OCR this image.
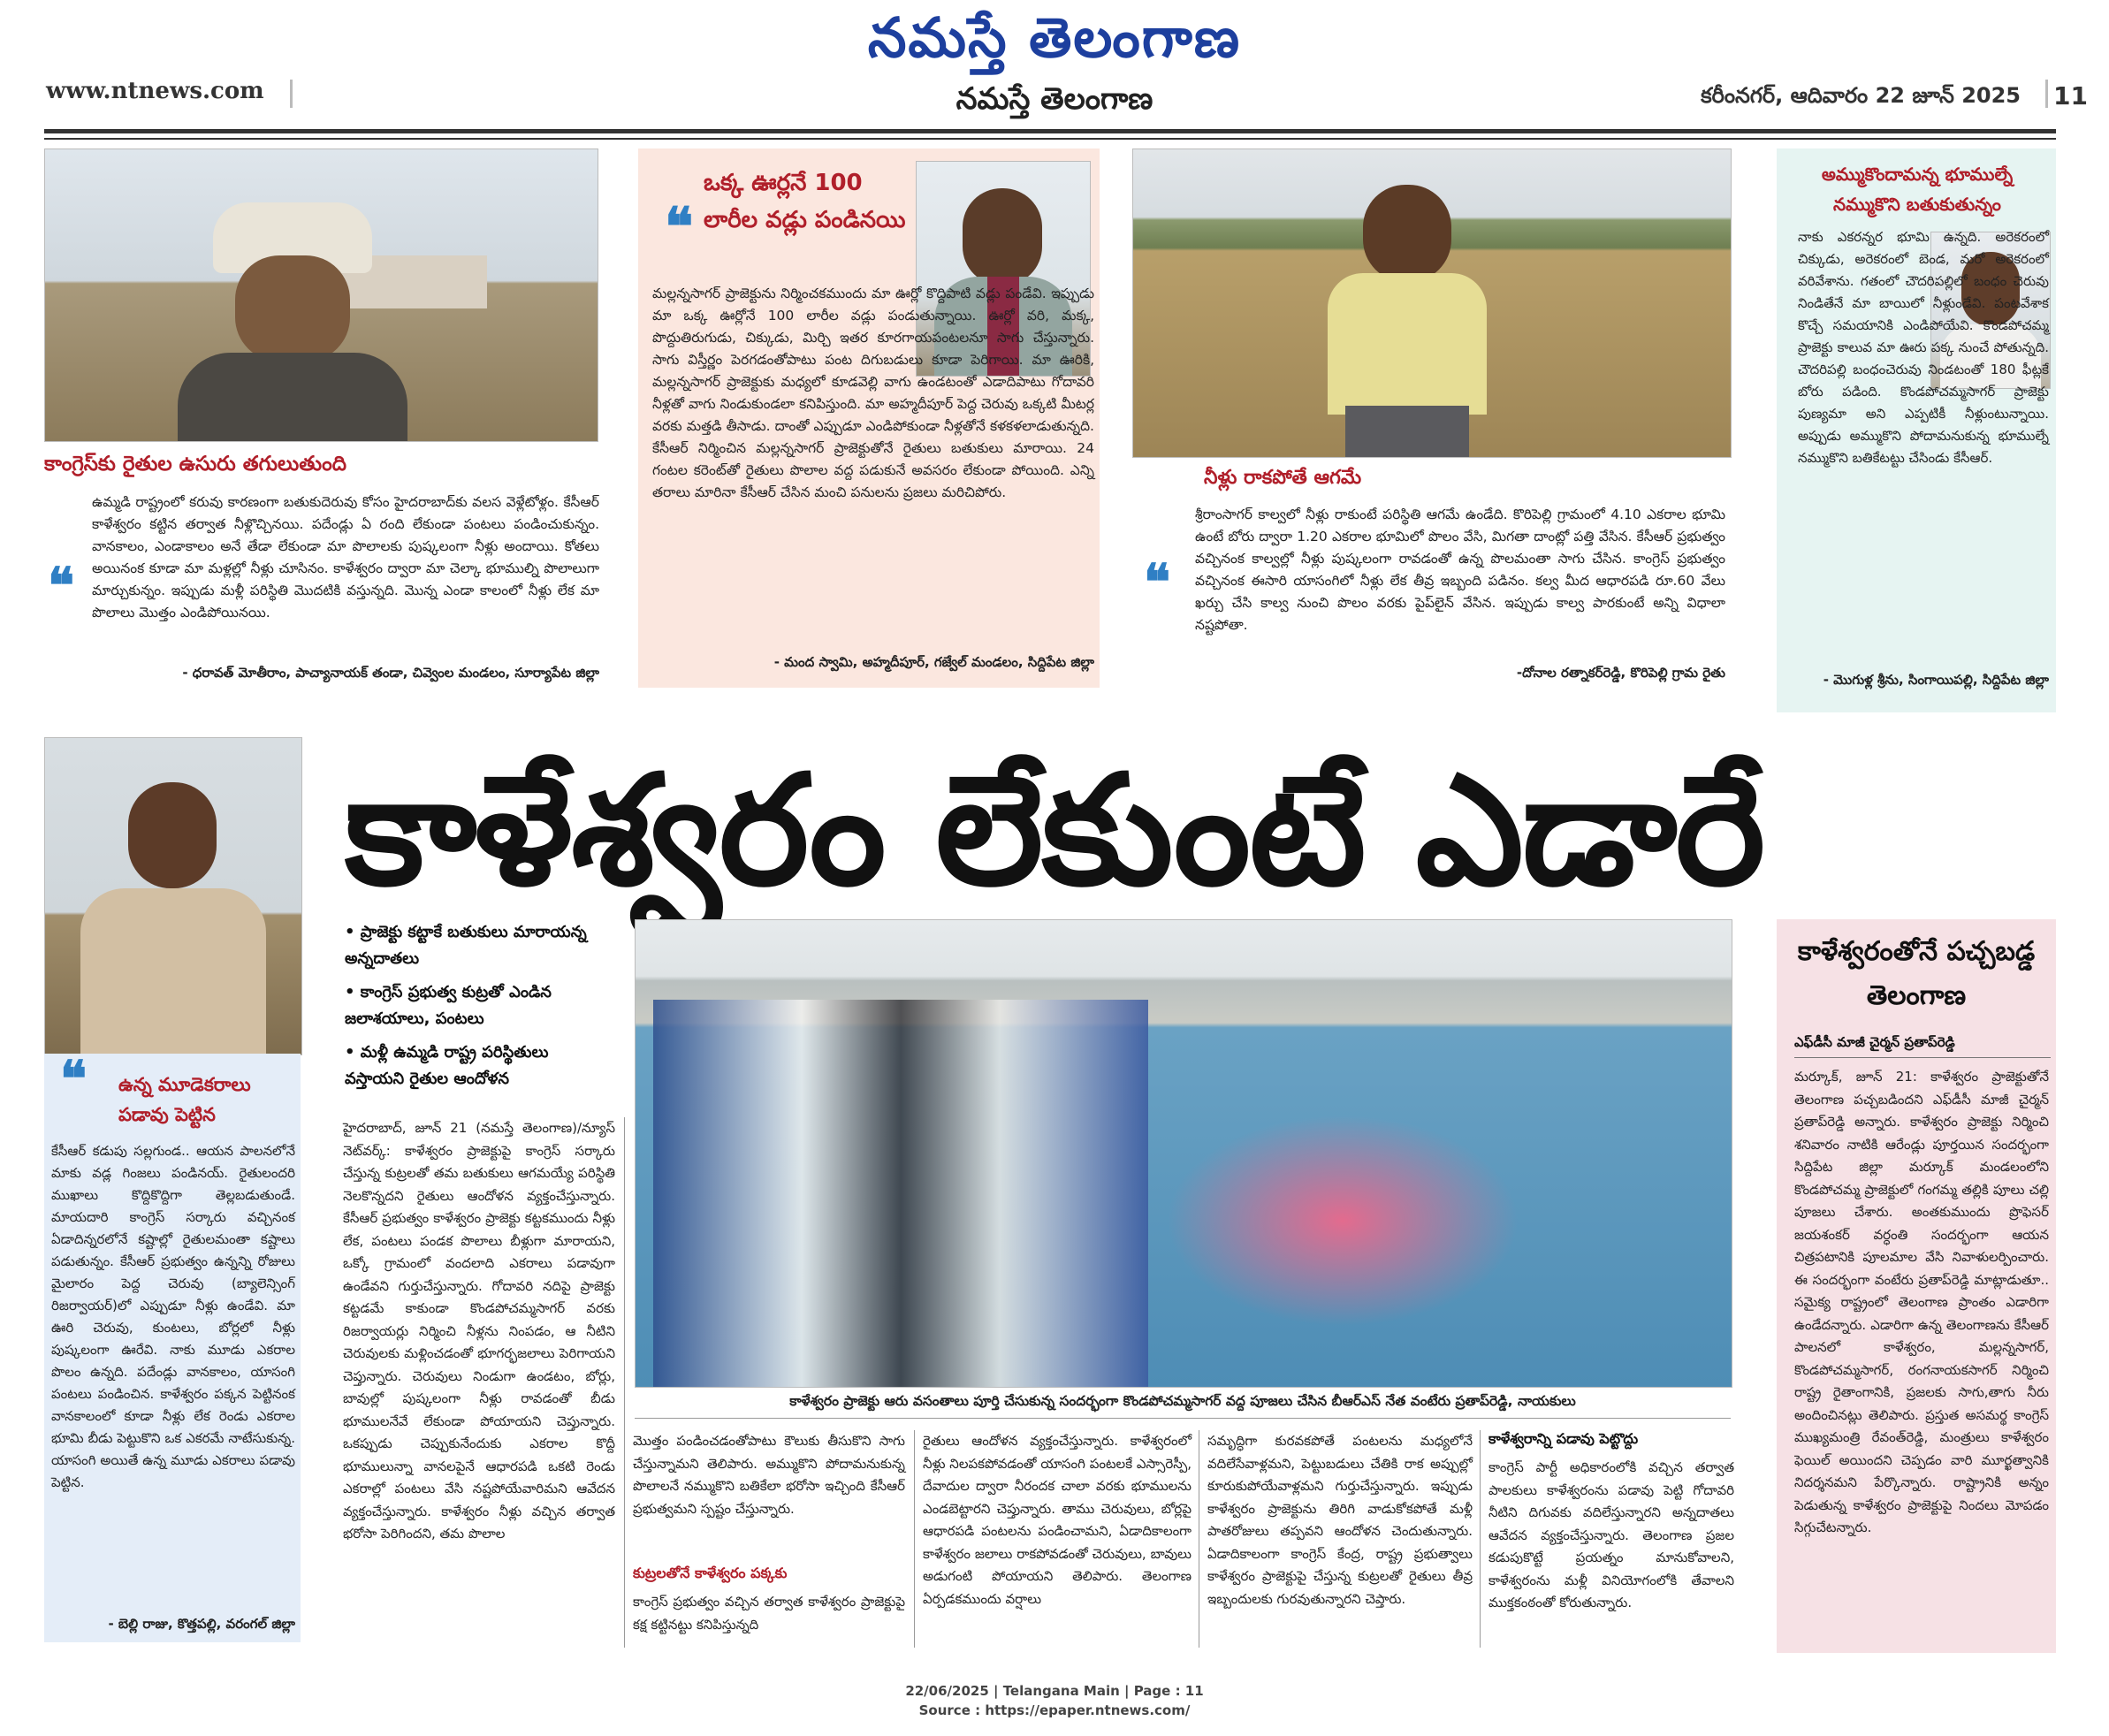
నమస్తే తెలంగాణ
www.ntnews.com	నమస్తే తెలంగాణ	కరీంనగర్, ఆదివారం 22 జూన్ 2025 11
కాంగ్రెస్‌కు రైతుల ఉసురు తగులుతుంది
❝
ఉమ్మడి రాష్ట్రంలో కరువు కారణంగా బతుకుదెరువు కోసం హైదరాబాద్‌కు వలస వెళ్లేటోళ్లం. కేసీఆర్ కాళేశ్వరం కట్టిన తర్వాత నీళ్లొచ్చినయి. పదేండ్లు ఏ రంది లేకుండా పంటలు పండించుకున్నం. వానకాలం, ఎండాకాలం అనే తేడా లేకుండా మా పొలాలకు పుష్కలంగా నీళ్లు అందాయి. కోతలు అయినంక కూడా మా మళ్లల్లో నీళ్లు చూసినం. కాళేశ్వరం ద్వారా మా చెల్కా భూముల్ని పొలాలుగా మార్చుకున్నం. ఇప్పుడు మళ్లీ పరిస్థితి మొదటికి వస్తున్నది. మొన్న ఎండా కాలంలో నీళ్లు లేక మా పొలాలు మొత్తం ఎండిపోయినయి.
- ధరావత్ మోతీరాం, పాచ్యానాయక్ తండా, చివ్వెంల మండలం, సూర్యాపేట జిల్లా
❝
ఒక్క ఊర్లనే 100 లారీల వడ్లు పండినయి
మల్లన్నసాగర్ ప్రాజెక్టును నిర్మించకముందు మా ఊర్లో కొద్దిపాటి వడ్లు పండేవి. ఇప్పుడు మా ఒక్క ఊర్లోనే 100 లారీల వడ్లు పండుతున్నాయి. ఊర్లో వరి, మక్క, పొద్దుతిరుగుడు, చిక్కుడు, మిర్చి ఇతర కూరగాయపంటలనూ సాగు చేస్తున్నారు. సాగు విస్తీర్ణం పెరగడంతోపాటు పంట దిగుబడులు కూడా పెరిగాయి. మా ఊరికి, మల్లన్నసాగర్ ప్రాజెక్టుకు మధ్యలో కూడవెల్లి వాగు ఉండటంతో ఎడాదిపాటు గోదావరి నీళ్లతో వాగు నిండుకుండలా కనిపిస్తుంది. మా అహ్మదీపూర్ పెద్ద చెరువు ఒక్కటి మీటర్ల వరకు మత్తడి తీసాడు. దాంతో ఎప్పుడూ ఎండిపోకుండా నీళ్లతోనే కళకళలాడుతున్నది. కేసీఆర్ నిర్మించిన మల్లన్నసాగర్ ప్రాజెక్టుతోనే రైతులు బతుకులు మారాయి. 24 గంటల కరెంట్‌తో రైతులు పొలాల వద్ద పడుకునే అవసరం లేకుండా పోయింది. ఎన్ని తరాలు మారినా కేసీఆర్ చేసిన మంచి పనులను ప్రజలు మరిచిపోరు.
- మంద స్వామి, అహ్మదీపూర్, గజ్వేల్ మండలం, సిద్దిపేట జిల్లా
నీళ్లు రాకపోతే ఆగమే
❝
శ్రీరాంసాగర్ కాల్వలో నీళ్లు రాకుంటే పరిస్థితి ఆగమే ఉండేది. కొరిపెల్లి గ్రామంలో 4.10 ఎకరాల భూమి ఉంటే బోరు ద్వారా 1.20 ఎకరాల భూమిలో పొలం వేసి, మిగతా దాంట్లో పత్తి వేసిన. కేసీఆర్ ప్రభుత్వం వచ్చినంక కాల్వల్లో నీళ్లు పుష్కలంగా రావడంతో ఉన్న పొలమంతా సాగు చేసిన. కాంగ్రెస్ ప్రభుత్వం వచ్చినంక ఈసారి యాసంగిలో నీళ్లు లేక తీవ్ర ఇబ్బంది పడినం. కల్వ మీద ఆధారపడి రూ.60 వేలు ఖర్చు చేసి కాల్వ నుంచి పొలం వరకు పైప్‌లైన్ వేసిన. ఇప్పుడు కాల్వ పారకుంటే అన్ని విధాలా నష్టపోతా.
-దోనాల రత్నాకర్‌రెడ్డి, కొరిపెల్లి గ్రామ రైతు
అమ్ముకొందామన్న భూముల్నే నమ్ముకొని బతుకుతున్నం
నాకు ఎకరన్నర భూమి ఉన్నది. అరెకరంలో చిక్కుడు, అరెకరంలో బెండ, మరో అరెకరంలో వరివేశాను. గతంలో చౌదరిపల్లిలో బంధం చెరువు నిండితేనే మా బాయిలో నీళ్లుండేవి. పంటవేశాక కొచ్చే సమయానికి ఎండిపోయేవి. కొండపోచమ్మ ప్రాజెక్టు కాలువ మా ఊరు పక్క నుంచే పోతున్నది. చౌదరిపల్లి బంధంచెరువు నిండటంతో 180 ఫీట్లకే బోరు పడింది. కొండపోచమ్మసాగర్ ప్రాజెక్టు పుణ్యమా అని ఎప్పటికీ నీళ్లుంటున్నాయి. అప్పుడు అమ్ముకొని పోదామనుకున్న భూముల్నే నమ్ముకొని బతికేటట్టు చేసిండు కేసీఆర్.
- మొగుళ్ల శ్రీను, సింగాయిపల్లి, సిద్దిపేట జిల్లా
❝ ఉన్న మూడెకరాలు పడావు పెట్టిన
కేసీఆర్ కడుపు సల్లగుండ.. ఆయన పాలనలోనే మాకు వడ్ల గింజలు పండినయ్. రైతులందరి ముఖాలు కొద్దికొద్దిగా తెల్లబడుతుండే. మాయదారి కాంగ్రెస్ సర్కారు వచ్చినంక ఏడాదిన్నరలోనే కష్టాల్లో రైతులమంతా కష్టాలు పడుతున్నం. కేసీఆర్ ప్రభుత్వం ఉన్నన్ని రోజులు మైలారం పెద్ద చెరువు (బ్యాలెన్సింగ్ రిజర్వాయర్)లో ఎప్పుడూ నీళ్లు ఉండేవి. మా ఊరి చెరువు, కుంటలు, బోర్లలో నీళ్లు పుష్కలంగా ఊరేవి. నాకు మూడు ఎకరాల పొలం ఉన్నది. పదేండ్లు వానకాలం, యాసంగి పంటలు పండించిన. కాళేశ్వరం పక్కన పెట్టినంక వానకాలంలో కూడా నీళ్లు లేక రెండు ఎకరాల భూమి బీడు పెట్టుకొని ఒక ఎకరమే నాటేసుకున్న. యాసంగి అయితే ఉన్న మూడు ఎకరాలు పడావు పెట్టిన.
- బెల్లి రాజు, కొత్తపల్లి, వరంగల్ జిల్లా
కాళేశ్వరం లేకుంటే ఎడారే
• ప్రాజెక్టు కట్టాకే బతుకులు మారాయన్న అన్నదాతలు
• కాంగ్రెస్ ప్రభుత్వ కుట్రతో ఎండిన జలాశయాలు, పంటలు
• మళ్లీ ఉమ్మడి రాష్ట్ర పరిస్థితులు వస్తాయని రైతుల ఆందోళన
కాళేశ్వరం ప్రాజెక్టు ఆరు వసంతాలు పూర్తి చేసుకున్న సందర్భంగా కొండపోచమ్మసాగర్ వద్ద పూజలు చేసిన బీఆర్‌ఎస్ నేత వంటేరు ప్రతాప్‌రెడ్డి, నాయకులు
హైదరాబాద్, జూన్ 21 (నమస్తే తెలంగాణ)/న్యూస్ నెట్‌వర్క్: కాళేశ్వరం ప్రాజెక్టుపై కాంగ్రెస్ సర్కారు చేస్తున్న కుట్రలతో తమ బతుకులు ఆగమయ్యే పరిస్థితి నెలకొన్నదని రైతులు ఆందోళన వ్యక్తంచేస్తున్నారు. కేసీఆర్ ప్రభుత్వం కాళేశ్వరం ప్రాజెక్టు కట్టకముందు నీళ్లు లేక, పంటలు పండక పొలాలు బీళ్లుగా మారాయని, ఒక్కో గ్రామంలో వందలాది ఎకరాలు పడావుగా ఉండేవని గుర్తుచేస్తున్నారు. గోదావరి నదిపై ప్రాజెక్టు కట్టడమే కాకుండా కొండపోచమ్మసాగర్ వరకు రిజర్వాయర్లు నిర్మించి నీళ్లను నింపడం, ఆ నీటిని చెరువులకు మళ్లించడంతో భూగర్భజలాలు పెరిగాయని చెప్తున్నారు. చెరువులు నిండుగా ఉండటం, బోర్లు, బావుల్లో పుష్కలంగా నీళ్లు రావడంతో బీడు భూములనేవే లేకుండా పోయాయని చెప్తున్నారు. ఒకప్పుడు చెప్పుకునేందుకు ఎకరాల కొద్దీ భూములున్నా వానలపైనే ఆధారపడి ఒకటి రెండు ఎకరాల్లో పంటలు వేసి నష్టపోయేవారిమని ఆవేదన వ్యక్తంచేస్తున్నారు. కాళేశ్వరం నీళ్లు వచ్చిన తర్వాత భరోసా పెరిగిందని, తమ పొలాల
మొత్తం పండించడంతోపాటు కౌలుకు తీసుకొని సాగు చేస్తున్నామని తెలిపారు. అమ్ముకొని పోదామనుకున్న పొలాలనే నమ్ముకొని బతికేలా భరోసా ఇచ్చింది కేసీఆర్ ప్రభుత్వమని స్పష్టం చేస్తున్నారు.
కుట్రలతోనే కాళేశ్వరం పక్కకు
కాంగ్రెస్ ప్రభుత్వం వచ్చిన తర్వాత కాళేశ్వరం ప్రాజెక్టుపై కక్ష కట్టినట్టు కనిపిస్తున్నది
రైతులు ఆందోళన వ్యక్తంచేస్తున్నారు. కాళేశ్వరంలో నీళ్లు నిలపకపోవడంతో యాసంగి పంటలకే ఎస్సారెస్పీ, దేవాదుల ద్వారా నీరందక చాలా వరకు భూములను ఎండబెట్టారని చెప్తున్నారు. తాము చెరువులు, బోర్లపై ఆధారపడి పంటలను పండించామని, ఏడాదికాలంగా కాళేశ్వరం జలాలు రాకపోవడంతో చెరువులు, బావులు అడుగంటి పోయాయని తెలిపారు. తెలంగాణ ఏర్పడకముందు వర్షాలు
సమృద్ధిగా కురవకపోతే పంటలను మధ్యలోనే వదిలేసేవాళ్లమని, పెట్టుబడులు చేతికి రాక అప్పుల్లో కూరుకుపోయేవాళ్లమని గుర్తుచేస్తున్నారు. ఇప్పుడు కాళేశ్వరం ప్రాజెక్టును తిరిగి వాడుకోకపోతే మళ్లీ పాతరోజులు తప్పవని ఆందోళన చెందుతున్నారు. ఏడాదికాలంగా కాంగ్రెస్ కేంద్ర, రాష్ట్ర ప్రభుత్వాలు కాళేశ్వరం ప్రాజెక్టుపై చేస్తున్న కుట్రలతో రైతులు తీవ్ర ఇబ్బందులకు గురవుతున్నారని చెప్తారు.
కాళేశ్వరాన్ని పడావు పెట్టొద్దు
కాంగ్రెస్ పార్టీ అధికారంలోకి వచ్చిన తర్వాత పాలకులు కాళేశ్వరంను పడావు పెట్టి గోదావరి నీటిని దిగువకు వదిలేస్తున్నారని అన్నదాతలు ఆవేదన వ్యక్తంచేస్తున్నారు. తెలంగాణ ప్రజల కడుపుకొట్టే ప్రయత్నం మానుకోవాలని, కాళేశ్వరంను మళ్లీ వినియోగంలోకి తేవాలని ముక్తకంఠంతో కోరుతున్నారు.
కాళేశ్వరంతోనే పచ్చబడ్డ తెలంగాణ
ఎఫ్‌డీసీ మాజీ చైర్మన్ ప్రతాప్‌రెడ్డి
మర్కూక్, జూన్ 21: కాళేశ్వరం ప్రాజెక్టుతోనే తెలంగాణ పచ్చబడిందని ఎఫ్‌డీసీ మాజీ చైర్మన్ ప్రతాప్‌రెడ్డి అన్నారు. కాళేశ్వరం ప్రాజెక్టు నిర్మించి శనివారం నాటికి ఆరేండ్లు పూర్తయిన సందర్భంగా సిద్దిపేట జిల్లా మర్కూక్ మండలంలోని కొండపోచమ్మ ప్రాజెక్టులో గంగమ్మ తల్లికి పూలు చల్లి పూజలు చేశారు. అంతకుముందు ప్రొఫెసర్ జయశంకర్ వర్ధంతి సందర్భంగా ఆయన చిత్రపటానికి పూలమాల వేసి నివాళులర్పించారు. ఈ సందర్భంగా వంటేరు ప్రతాప్‌రెడ్డి మాట్లాడుతూ.. సమైక్య రాష్ట్రంలో తెలంగాణ ప్రాంతం ఎడారిగా ఉండేదన్నారు. ఎడారిగా ఉన్న తెలంగాణను కేసీఆర్ పాలనలో కాళేశ్వరం, మల్లన్నసాగర్, కొండపోచమ్మసాగర్, రంగనాయకసాగర్ నిర్మించి రాష్ట్ర రైతాంగానికి, ప్రజలకు సాగు,తాగు నీరు అందించినట్లు తెలిపారు. ప్రస్తుత అసమర్థ కాంగ్రెస్ ముఖ్యమంత్రి రేవంత్‌రెడ్డి, మంత్రులు కాళేశ్వరం ఫెయిల్ అయిందని చెప్పడం వారి మూర్ఖత్వానికి నిదర్శనమని పేర్కొన్నారు. రాష్ట్రానికి అన్నం పెడుతున్న కాళేశ్వరం ప్రాజెక్టుపై నిందలు మోపడం సిగ్గుచేటన్నారు.
22/06/2025 | Telangana Main | Page : 11
Source : https://epaper.ntnews.com/
